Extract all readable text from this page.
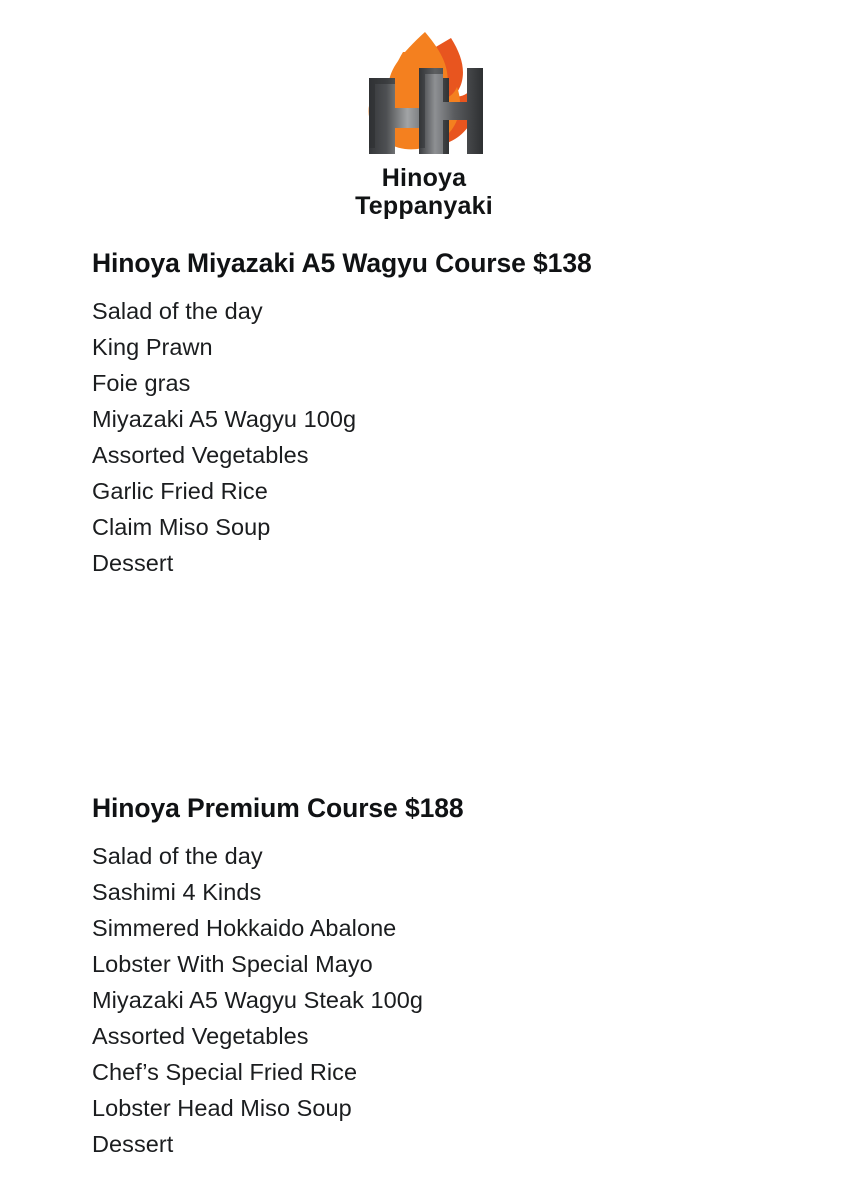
Hinoya
Teppanyaki
Hinoya Miyazaki A5 Wagyu Course $138
Salad of the day
King Prawn
Foie gras
Miyazaki A5 Wagyu 100g
Assorted Vegetables
Garlic Fried Rice
Claim Miso Soup
Dessert
Hinoya Premium Course $188
Salad of the day
Sashimi 4 Kinds
Simmered Hokkaido Abalone
Lobster With Special Mayo
Miyazaki A5 Wagyu Steak 100g
Assorted Vegetables
Chef’s Special Fried Rice
Lobster Head Miso Soup
Dessert
